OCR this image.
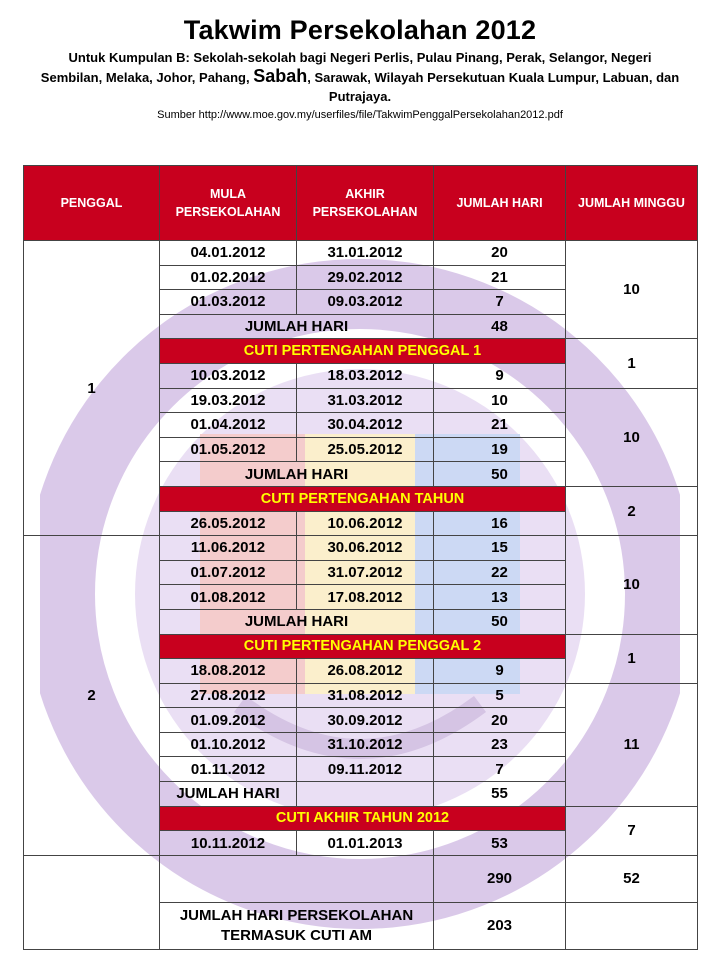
Takwim Persekolahan 2012
Untuk Kumpulan B: Sekolah-sekolah bagi Negeri Perlis, Pulau Pinang, Perak, Selangor, Negeri Sembilan, Melaka, Johor, Pahang, Sabah, Sarawak, Wilayah Persekutuan Kuala Lumpur, Labuan, dan Putrajaya.
Sumber http://www.moe.gov.my/userfiles/file/TakwimPenggalPersekolahan2012.pdf
PENGGAL	MULA PERSEKOLAHAN	AKHIR PERSEKOLAHAN	JUMLAH HARI	JUMLAH MINGGU
1	04.01.2012	31.01.2012	20	10
	01.02.2012	29.02.2012	21	
	01.03.2012	09.03.2012	7	
	JUMLAH HARI		48	
	CUTI PERTENGAHAN PENGGAL 1			1
	10.03.2012	18.03.2012	9	
	19.03.2012	31.03.2012	10	10
	01.04.2012	30.04.2012	21	
	01.05.2012	25.05.2012	19	
	JUMLAH HARI		50	
	CUTI PERTENGAHAN TAHUN			2
	26.05.2012	10.06.2012	16	
2	11.06.2012	30.06.2012	15	10
	01.07.2012	31.07.2012	22	
	01.08.2012	17.08.2012	13	
	JUMLAH HARI		50	
	CUTI PERTENGAHAN PENGGAL 2			1
	18.08.2012	26.08.2012	9	
	27.08.2012	31.08.2012	5	11
	01.09.2012	30.09.2012	20	
	01.10.2012	31.10.2012	23	
	01.11.2012	09.11.2012	7	
	JUMLAH HARI		55	
	CUTI AKHIR TAHUN 2012			7
	10.11.2012	01.01.2013	53	
			290	52
	JUMLAH HARI PERSEKOLAHAN TERMASUK CUTI AM		203	
